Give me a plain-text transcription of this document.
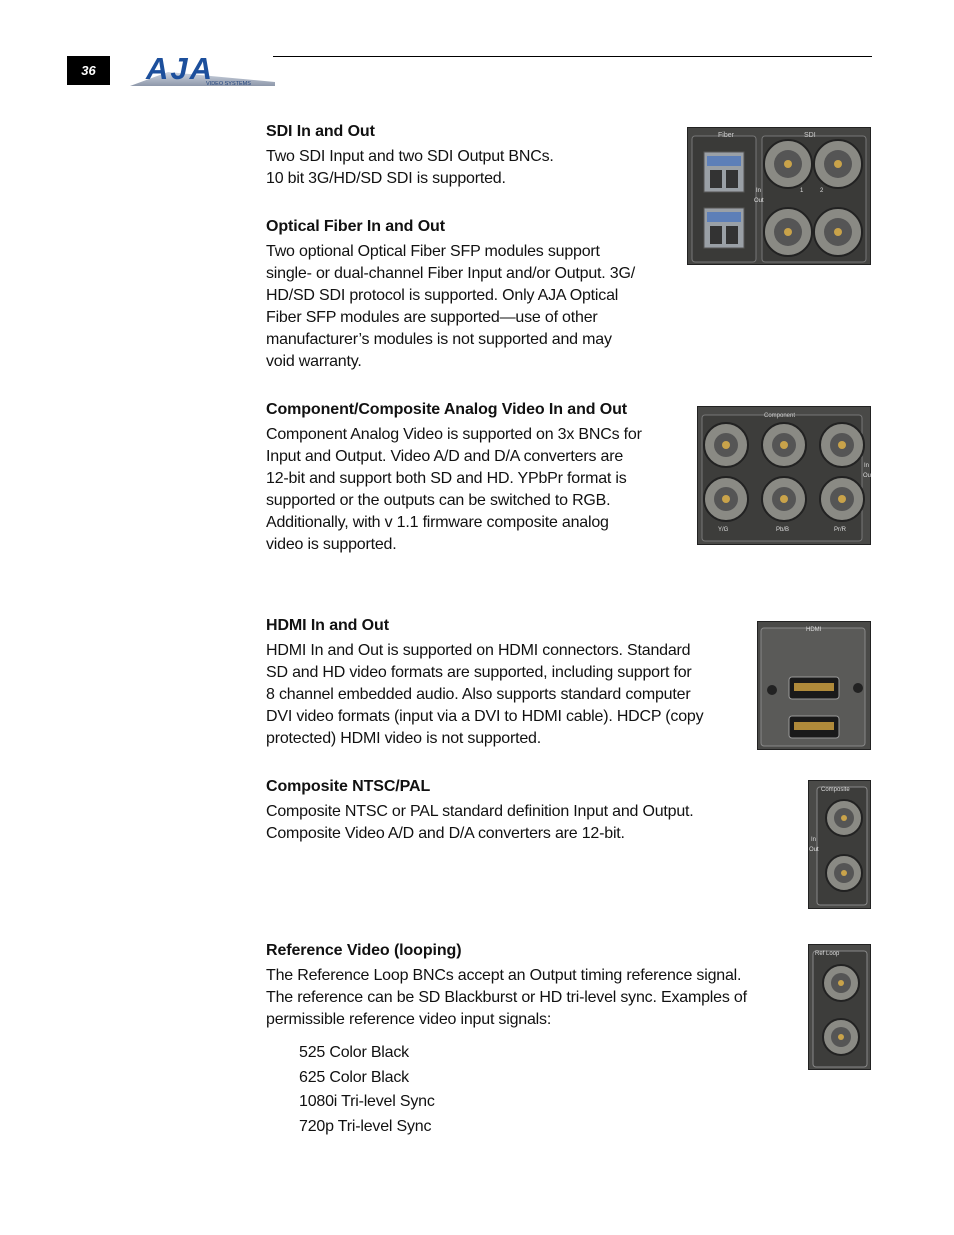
36	AJA
VIDEO SYSTEMS

SDI In and Out

Two SDI Input and two SDI Output BNCs.

10 bit 3G/HD/SD SDI is supported.

Optical Fiber In and Out

Two optional Optical Fiber SFP modules support

single- or dual-channel Fiber Input and/or Output. 3G/

HD/SD SDI protocol is supported. Only AJA Optical

Fiber SFP modules are supported—use of other

manufacturer’s modules is not supported and may

void warranty.

Component/Composite Analog Video In and Out

Component Analog Video is supported on 3x BNCs for

Input and Output. Video A/D and D/A converters are

12-bit and support both SD and HD. YPbPr format is

supported or the outputs can be switched to RGB.

Additionally, with v 1.1 firmware composite analog

video is supported.

HDMI In and Out

HDMI In and Out is supported on HDMI connectors. Standard

SD and HD video formats are supported, including support for

8 channel embedded audio. Also supports standard computer

DVI video formats (input via a DVI to HDMI cable). HDCP (copy

protected) HDMI video is not supported.

Composite NTSC/PAL

Composite NTSC or PAL standard definition Input and Output.

Composite Video A/D and D/A converters are 12-bit.

Reference Video (looping)

The Reference Loop BNCs accept an Output timing reference signal.

The reference can be SD Blackburst or HD tri-level sync. Examples of

permissible reference video input signals:

525 Color Black
625 Color Black
1080i Tri-level Sync
720p Tri-level Sync
Fiber	SDI
In
Out
1	2
Component
Y/G	Pb/B	Pr/R
In
Ou
HDMI
Composite
In
Out
Ref Loop
